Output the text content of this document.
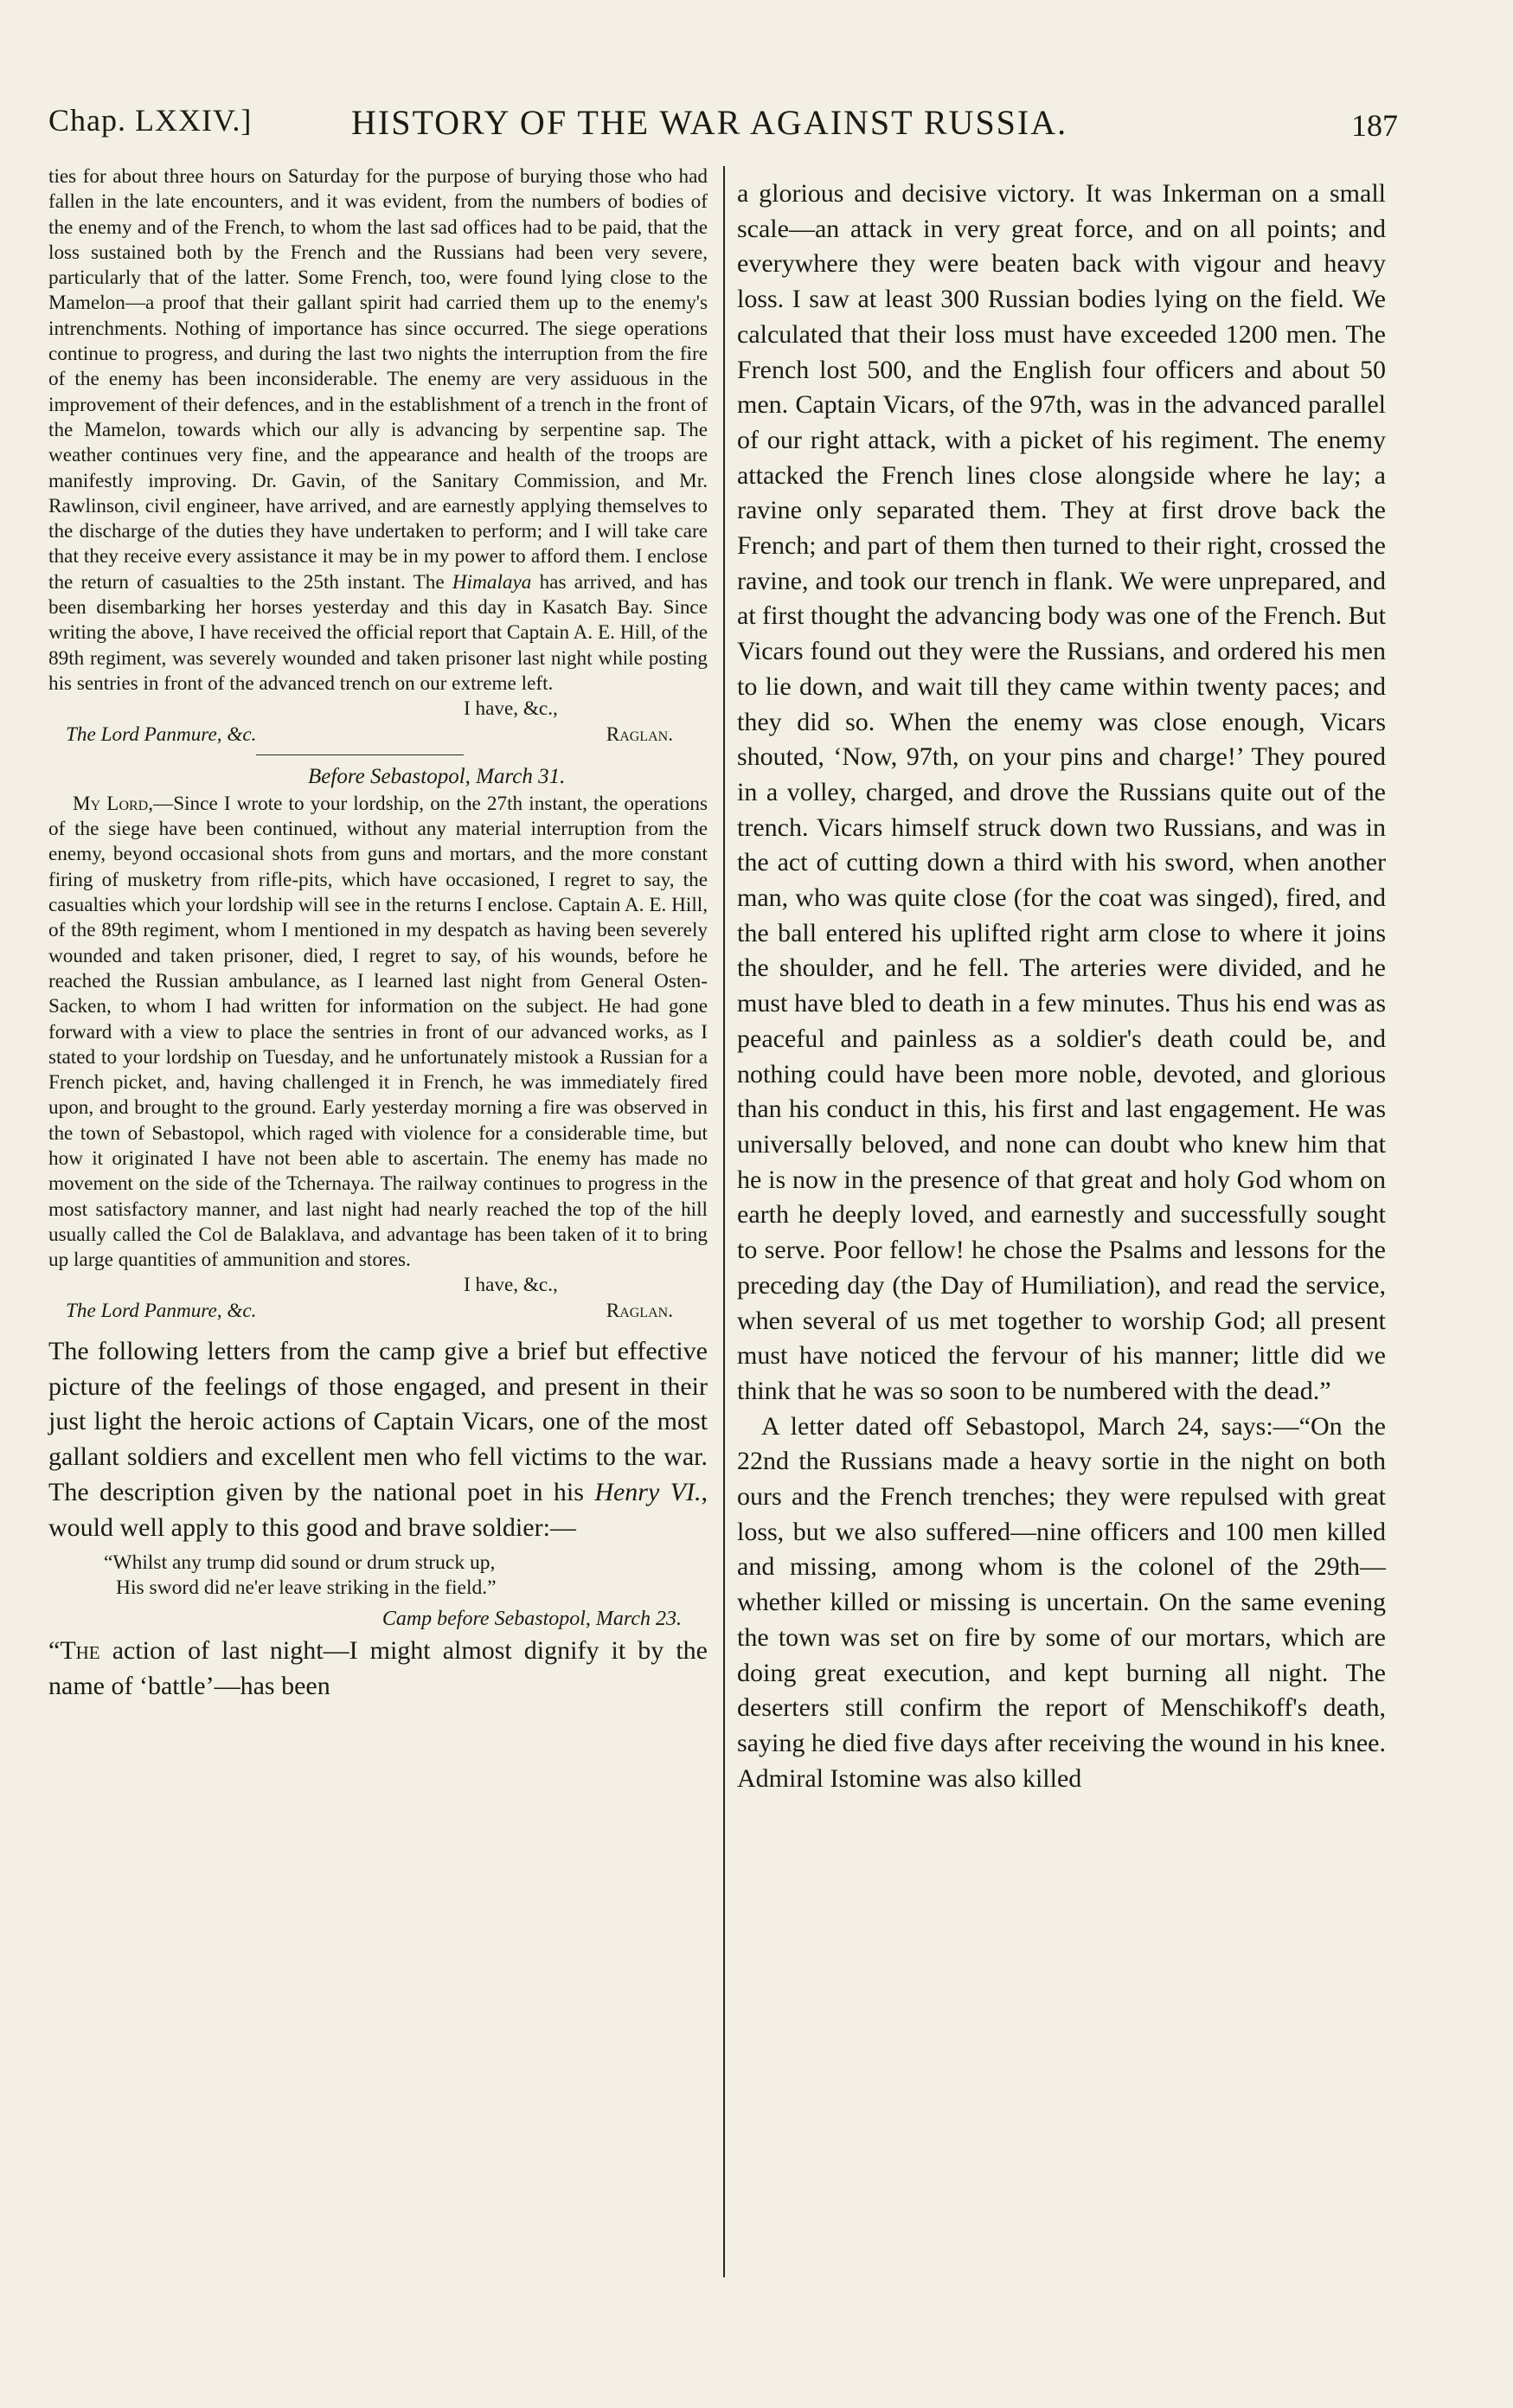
Chap. LXXIV.]	HISTORY OF THE WAR AGAINST RUSSIA.	187

ties for about three hours on Saturday for the purpose of burying those who had fallen in the late encounters, and it was evident, from the numbers of bodies of the enemy and of the French, to whom the last sad offices had to be paid, that the loss sustained both by the French and the Russians had been very severe, particularly that of the latter. Some French, too, were found lying close to the Mamelon—a proof that their gallant spirit had carried them up to the enemy's intrenchments. Nothing of importance has since occurred. The siege operations continue to progress, and during the last two nights the interruption from the fire of the enemy has been inconsiderable. The enemy are very assiduous in the improvement of their defences, and in the establishment of a trench in the front of the Mamelon, towards which our ally is advancing by serpentine sap. The weather continues very fine, and the appearance and health of the troops are manifestly improving. Dr. Gavin, of the Sanitary Commission, and Mr. Rawlinson, civil engineer, have arrived, and are earnestly applying themselves to the discharge of the duties they have undertaken to perform; and I will take care that they receive every assistance it may be in my power to afford them. I enclose the return of casualties to the 25th instant. The Himalaya has arrived, and has been disembarking her horses yesterday and this day in Kasatch Bay. Since writing the above, I have received the official report that Captain A. E. Hill, of the 89th regiment, was severely wounded and taken prisoner last night while posting his sentries in front of the advanced trench on our extreme left.

I have, &c.,
The Lord Panmure, &c.	Raglan.
Before Sebastopol, March 31.

My Lord,—Since I wrote to your lordship, on the 27th instant, the operations of the siege have been continued, without any material interruption from the enemy, beyond occasional shots from guns and mortars, and the more constant firing of musketry from rifle-pits, which have occasioned, I regret to say, the casualties which your lordship will see in the returns I enclose. Captain A. E. Hill, of the 89th regiment, whom I mentioned in my despatch as having been severely wounded and taken prisoner, died, I regret to say, of his wounds, before he reached the Russian ambulance, as I learned last night from General Osten-Sacken, to whom I had written for information on the subject. He had gone forward with a view to place the sentries in front of our advanced works, as I stated to your lordship on Tuesday, and he unfortunately mistook a Russian for a French picket, and, having challenged it in French, he was immediately fired upon, and brought to the ground. Early yesterday morning a fire was observed in the town of Sebastopol, which raged with violence for a considerable time, but how it originated I have not been able to ascertain. The enemy has made no movement on the side of the Tchernaya. The railway continues to progress in the most satisfactory manner, and last night had nearly reached the top of the hill usually called the Col de Balaklava, and advantage has been taken of it to bring up large quantities of ammunition and stores.

I have, &c.,
The Lord Panmure, &c.	Raglan.

The following letters from the camp give a brief but effective picture of the feelings of those engaged, and present in their just light the heroic actions of Captain Vicars, one of the most gallant soldiers and excellent men who fell victims to the war. The description given by the national poet in his Henry VI., would well apply to this good and brave soldier:—

“Whilst any trump did sound or drum struck up,
His sword did ne'er leave striking in the field.”
Camp before Sebastopol, March 23.

“The action of last night—I might almost dignify it by the name of ‘battle’—has been

a glorious and decisive victory. It was Inkerman on a small scale—an attack in very great force, and on all points; and everywhere they were beaten back with vigour and heavy loss. I saw at least 300 Russian bodies lying on the field. We calculated that their loss must have exceeded 1200 men. The French lost 500, and the English four officers and about 50 men. Captain Vicars, of the 97th, was in the advanced parallel of our right attack, with a picket of his regiment. The enemy attacked the French lines close alongside where he lay; a ravine only separated them. They at first drove back the French; and part of them then turned to their right, crossed the ravine, and took our trench in flank. We were unprepared, and at first thought the advancing body was one of the French. But Vicars found out they were the Russians, and ordered his men to lie down, and wait till they came within twenty paces; and they did so. When the enemy was close enough, Vicars shouted, ‘Now, 97th, on your pins and charge!’ They poured in a volley, charged, and drove the Russians quite out of the trench. Vicars himself struck down two Russians, and was in the act of cutting down a third with his sword, when another man, who was quite close (for the coat was singed), fired, and the ball entered his uplifted right arm close to where it joins the shoulder, and he fell. The arteries were divided, and he must have bled to death in a few minutes. Thus his end was as peaceful and painless as a soldier's death could be, and nothing could have been more noble, devoted, and glorious than his conduct in this, his first and last engagement. He was universally beloved, and none can doubt who knew him that he is now in the presence of that great and holy God whom on earth he deeply loved, and earnestly and successfully sought to serve. Poor fellow! he chose the Psalms and lessons for the preceding day (the Day of Humiliation), and read the service, when several of us met together to worship God; all present must have noticed the fervour of his manner; little did we think that he was so soon to be numbered with the dead.”

A letter dated off Sebastopol, March 24, says:—“On the 22nd the Russians made a heavy sortie in the night on both ours and the French trenches; they were repulsed with great loss, but we also suffered—nine officers and 100 men killed and missing, among whom is the colonel of the 29th—whether killed or missing is uncertain. On the same evening the town was set on fire by some of our mortars, which are doing great execution, and kept burning all night. The deserters still confirm the report of Menschikoff's death, saying he died five days after receiving the wound in his knee. Admiral Istomine was also killed
